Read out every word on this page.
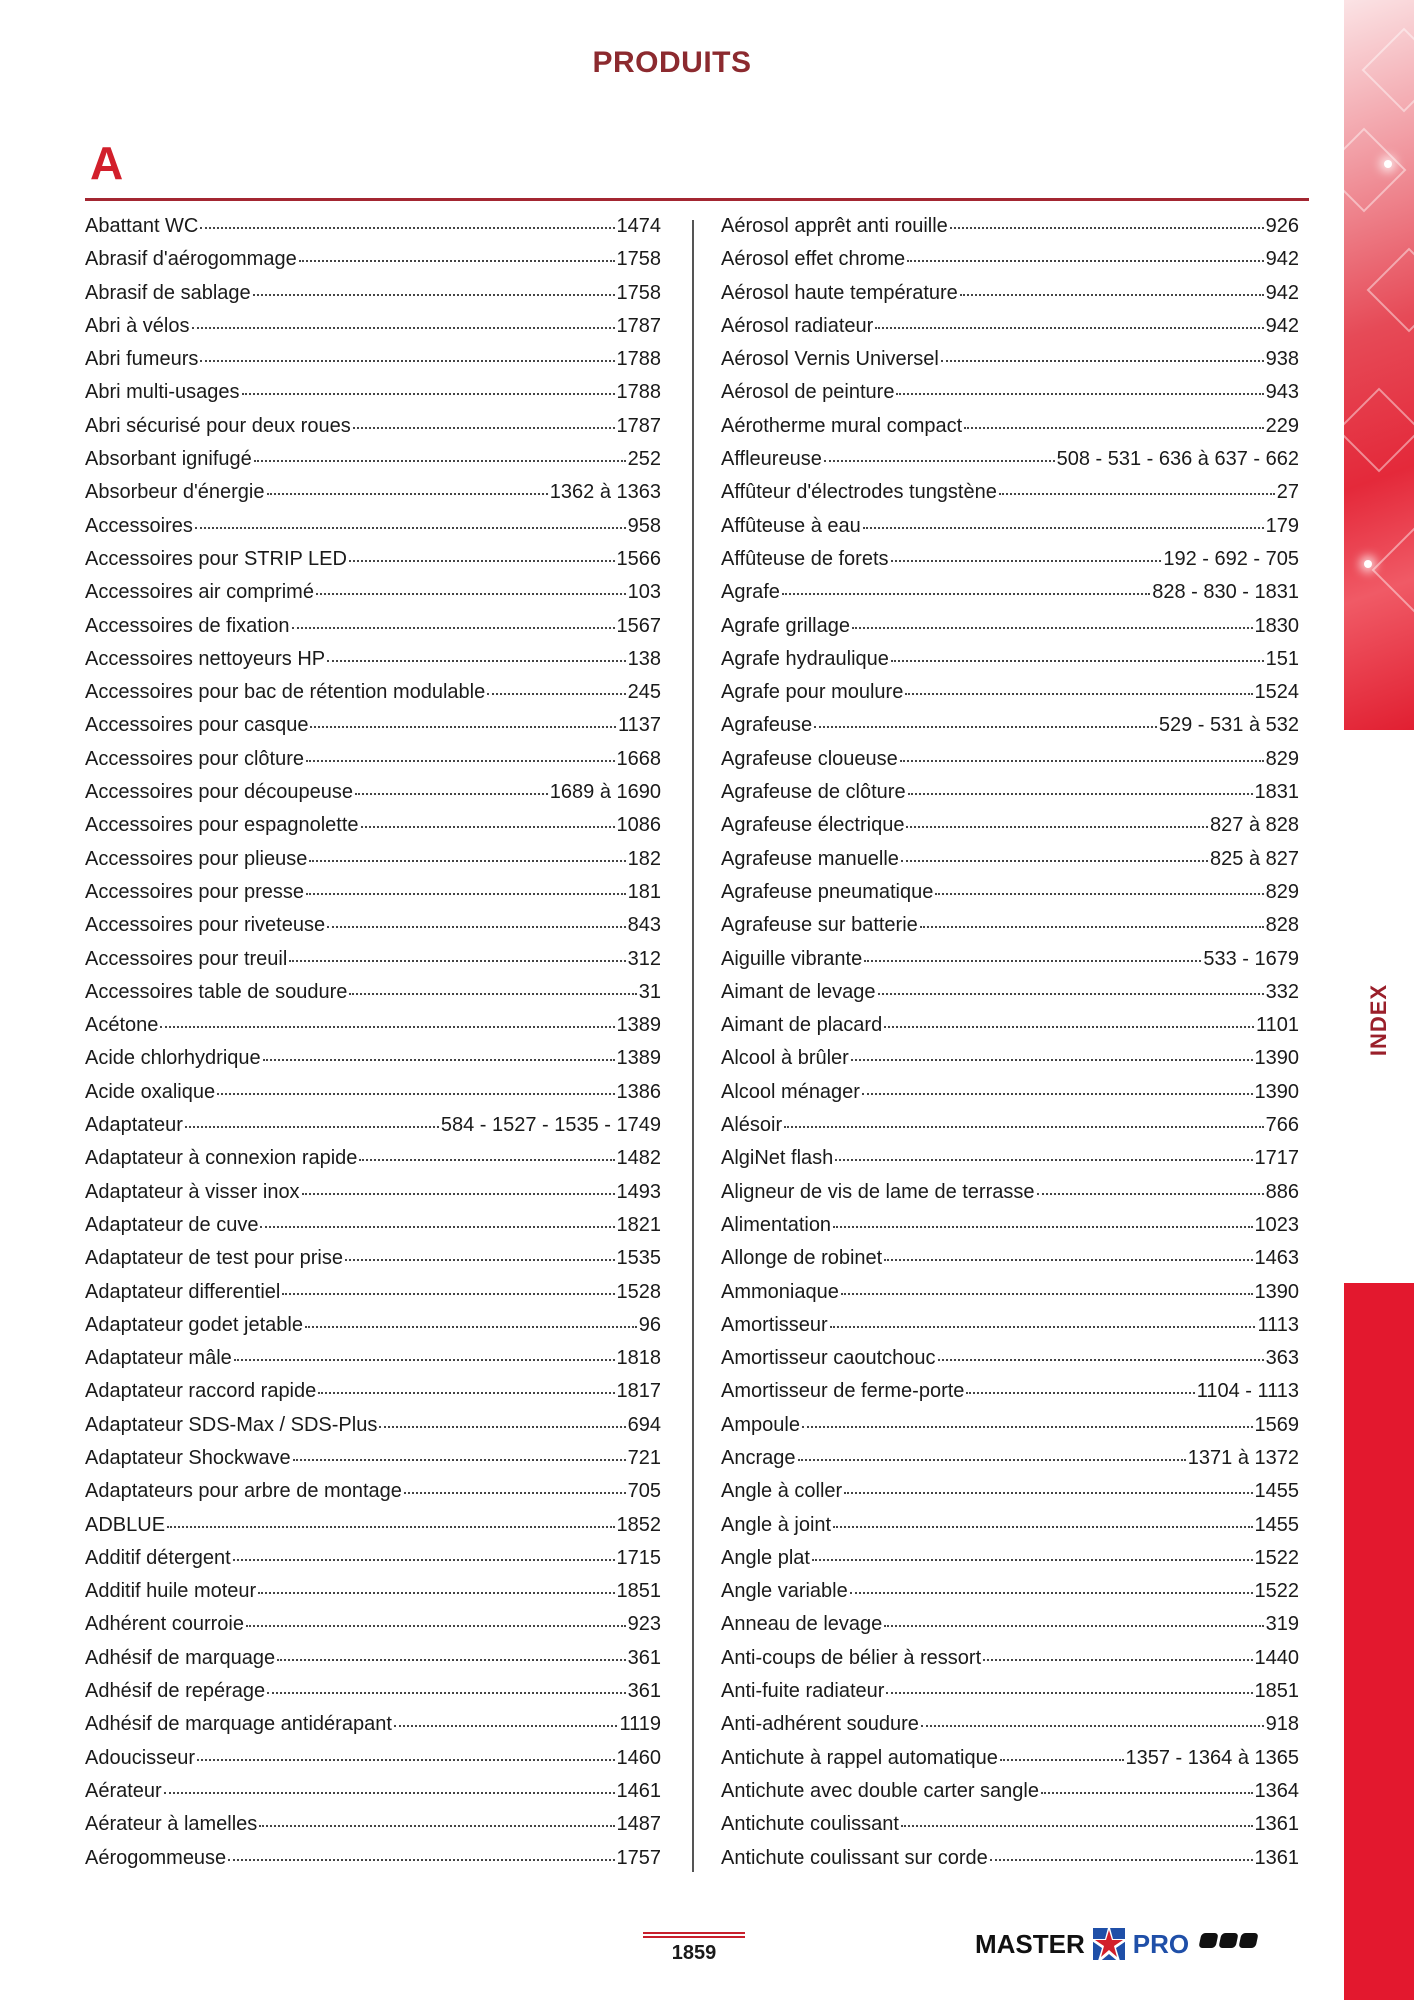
PRODUITS
A
Abattant WC	1474
Abrasif d'aérogommage	1758
Abrasif de sablage	1758
Abri à vélos	1787
Abri fumeurs	1788
Abri multi-usages	1788
Abri sécurisé pour deux roues	1787
Absorbant ignifugé	252
Absorbeur d'énergie	1362 à 1363
Accessoires	958
Accessoires pour STRIP LED	1566
Accessoires air comprimé	103
Accessoires de fixation	1567
Accessoires nettoyeurs HP	138
Accessoires pour bac de rétention modulable	245
Accessoires pour casque	1137
Accessoires pour clôture	1668
Accessoires pour découpeuse	1689 à 1690
Accessoires pour espagnolette	1086
Accessoires pour plieuse	182
Accessoires pour presse	181
Accessoires pour riveteuse	843
Accessoires pour treuil	312
Accessoires table de soudure	31
Acétone	1389
Acide chlorhydrique	1389
Acide oxalique	1386
Adaptateur	584 - 1527 - 1535 - 1749
Adaptateur à connexion rapide	1482
Adaptateur à visser inox	1493
Adaptateur de cuve	1821
Adaptateur de test pour prise	1535
Adaptateur differentiel	1528
Adaptateur godet jetable	96
Adaptateur mâle	1818
Adaptateur raccord rapide	1817
Adaptateur SDS-Max / SDS-Plus	694
Adaptateur Shockwave	721
Adaptateurs pour arbre de montage	705
ADBLUE	1852
Additif détergent	1715
Additif huile moteur	1851
Adhérent courroie	923
Adhésif de marquage	361
Adhésif de repérage	361
Adhésif de marquage antidérapant	1119
Adoucisseur	1460
Aérateur	1461
Aérateur à lamelles	1487
Aérogommeuse	1757
Aérosol apprêt anti rouille	926
Aérosol effet chrome	942
Aérosol haute température	942
Aérosol radiateur	942
Aérosol Vernis Universel	938
Aérosol de peinture	943
Aérotherme mural compact	229
Affleureuse	508 - 531 - 636 à 637 - 662
Affûteur d'électrodes tungstène	27
Affûteuse à eau	179
Affûteuse de forets	192 - 692 - 705
Agrafe	828 - 830 - 1831
Agrafe grillage	1830
Agrafe hydraulique	151
Agrafe pour moulure	1524
Agrafeuse	529 - 531 à 532
Agrafeuse cloueuse	829
Agrafeuse de clôture	1831
Agrafeuse électrique	827 à 828
Agrafeuse manuelle	825 à 827
Agrafeuse pneumatique	829
Agrafeuse sur batterie	828
Aiguille vibrante	533 - 1679
Aimant de levage	332
Aimant de placard	1101
Alcool à brûler	1390
Alcool ménager	1390
Alésoir	766
AlgiNet flash	1717
Aligneur de vis de lame de terrasse	886
Alimentation	1023
Allonge de robinet	1463
Ammoniaque	1390
Amortisseur	1113
Amortisseur caoutchouc	363
Amortisseur de ferme-porte	1104 - 1113
Ampoule	1569
Ancrage	1371 à 1372
Angle à coller	1455
Angle à joint	1455
Angle plat	1522
Angle variable	1522
Anneau de levage	319
Anti-coups de bélier à ressort	1440
Anti-fuite radiateur	1851
Anti-adhérent soudure	918
Antichute à rappel automatique	1357 - 1364 à 1365
Antichute avec double carter sangle	1364
Antichute coulissant	1361
Antichute coulissant sur corde	1361
INDEX
1859	MASTER PRO
